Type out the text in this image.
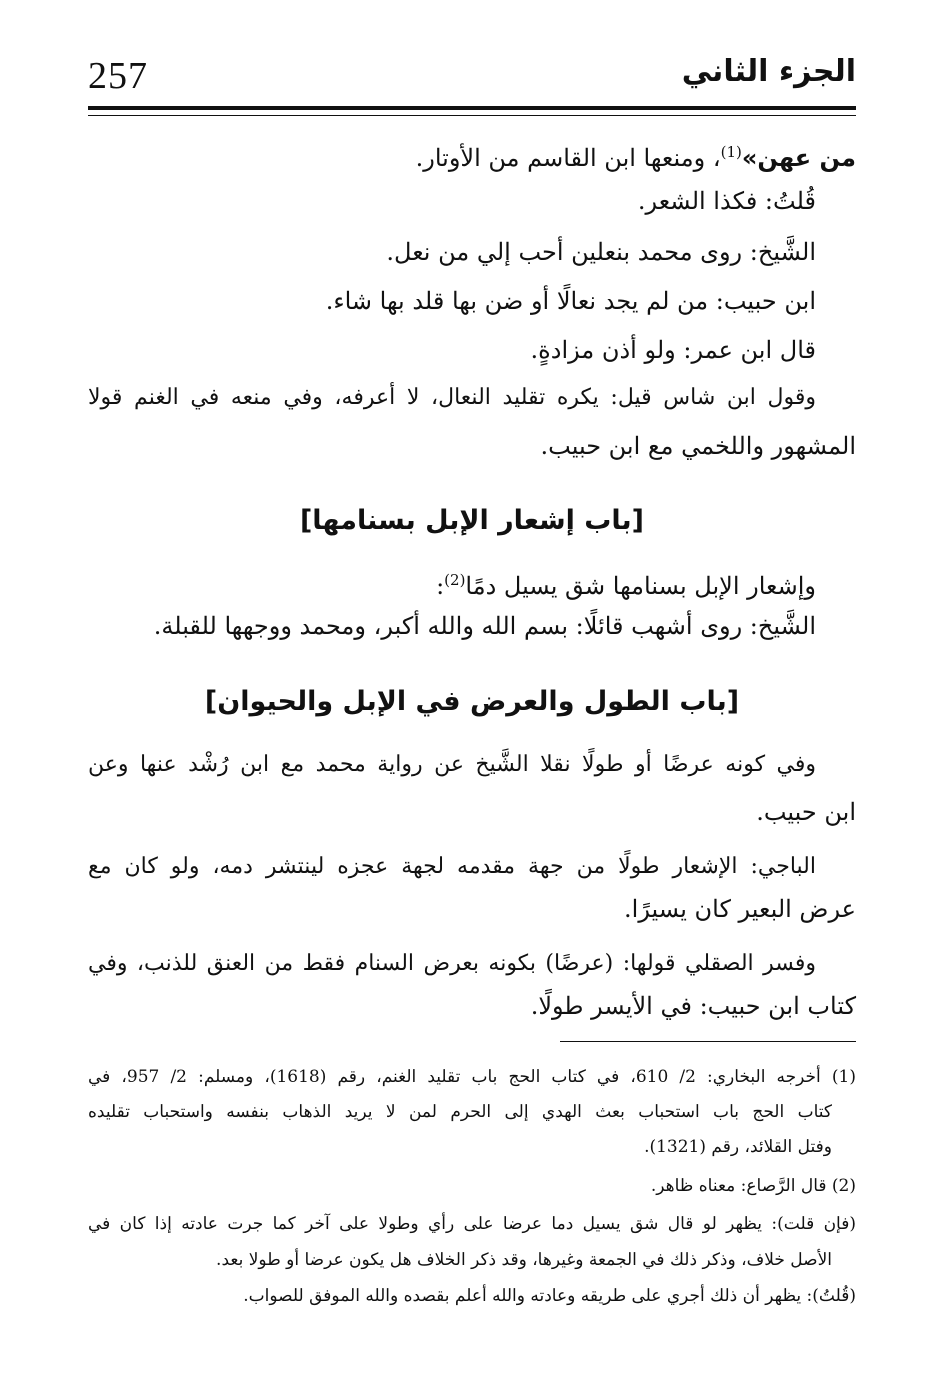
257	الجزء الثاني
من عهن»$^{(1)}$، ومنعها ابن القاسم من الأوتار.
قُلتُ: فكذا الشعر.
الشَّيخ: روى محمد بنعلين أحب إلي من نعل.
ابن حبيب: من لم يجد نعالًا أو ضن بها قلد بها شاء.
قال ابن عمر: ولو أذن مزادةٍ.
وقول ابن شاس قيل: يكره تقليد النعال، لا أعرفه، وفي منعه في الغنم قولا
المشهور واللخمي مع ابن حبيب.
[باب إشعار الإبل بسنامها]
وإشعار الإبل بسنامها شق يسيل دمًا$^{(2)}$:
الشَّيخ: روى أشهب قائلًا: بسم الله والله أكبر، ومحمد ووجهها للقبلة.
[باب الطول والعرض في الإبل والحيوان]
وفي كونه عرضًا أو طولًا نقلا الشَّيخ عن رواية محمد مع ابن رُشْد عنها وعن
ابن حبيب.
الباجي: الإشعار طولًا من جهة مقدمه لجهة عجزه لينتشر دمه، ولو كان مع
عرض البعير كان يسيرًا.
وفسر الصقلي قولها: (عرضًا) بكونه بعرض السنام فقط من العنق للذنب، وفي
كتاب ابن حبيب: في الأيسر طولًا.
(1) أخرجه البخاري: 2/ 610، في كتاب الحج باب تقليد الغنم، رقم (1618)، ومسلم: 2/ 957، في
كتاب الحج باب استحباب بعث الهدي إلى الحرم لمن لا يريد الذهاب بنفسه واستحباب تقليده
وفتل القلائد، رقم (1321).
(2) قال الرَّصاع: معناه ظاهر.
(فإن قلت): يظهر لو قال شق يسيل دما عرضا على رأي وطولا على آخر كما جرت عادته إذا كان في
الأصل خلاف، وذكر ذلك في الجمعة وغيرها، وقد ذكر الخلاف هل يكون عرضا أو طولا بعد.
(قُلتُ): يظهر أن ذلك أجري على طريقه وعادته والله أعلم بقصده والله الموفق للصواب.
